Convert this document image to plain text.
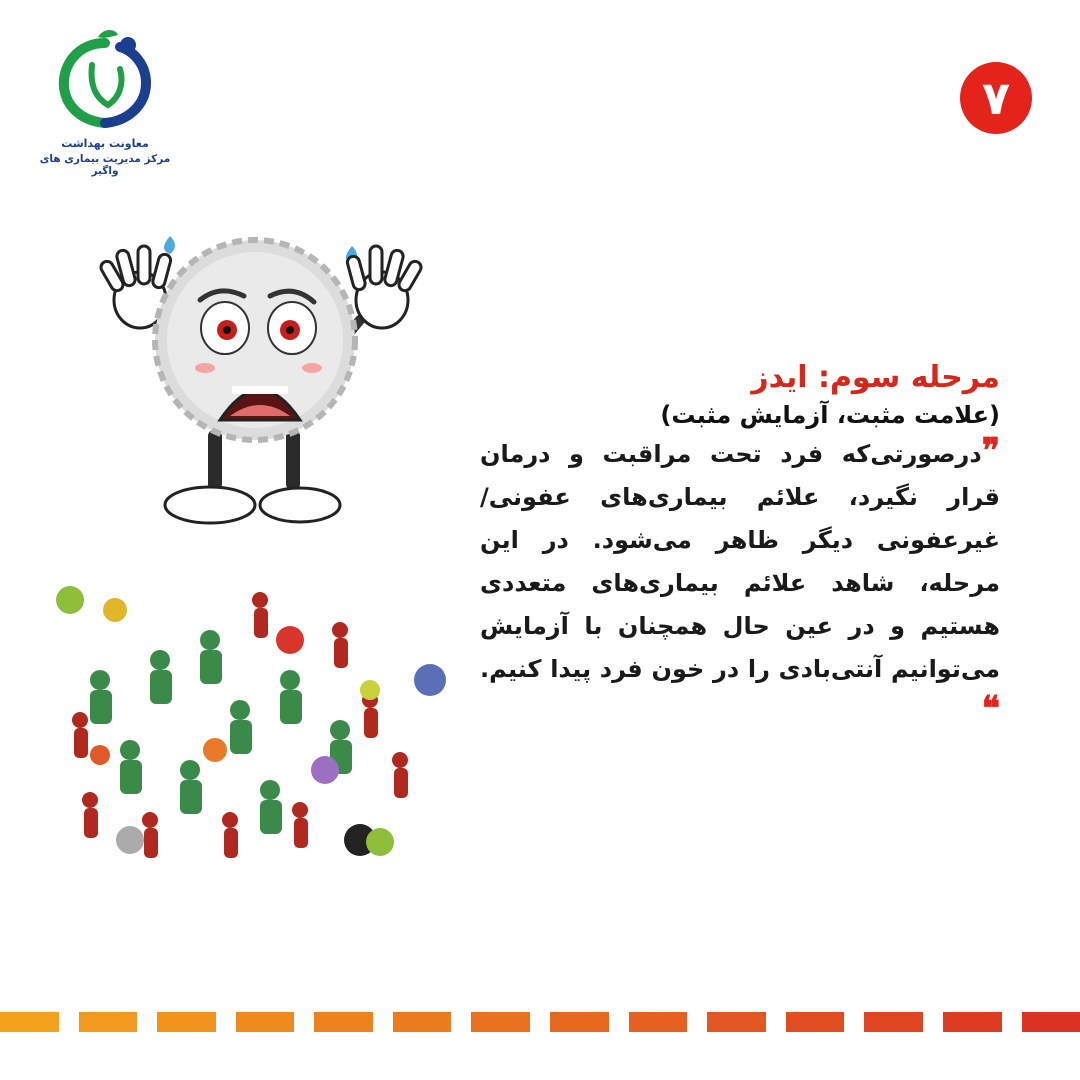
معاونت بهداشت
مرکز مدیریت بیماری های واگیر
۷
مرحله سوم: ایدز
(علامت مثبت، آزمایش مثبت)
❞درصورتی‌که فرد تحت مراقبت و درمان قرار نگیرد، علائم بیماری‌های عفونی/غیرعفونی دیگر ظاهر می‌شود. در این مرحله، شاهد علائم بیماری‌های متعددی هستیم و در عین حال همچنان با آزمایش می‌توانیم آنتی‌بادی را در خون فرد پیدا کنیم. ❝
